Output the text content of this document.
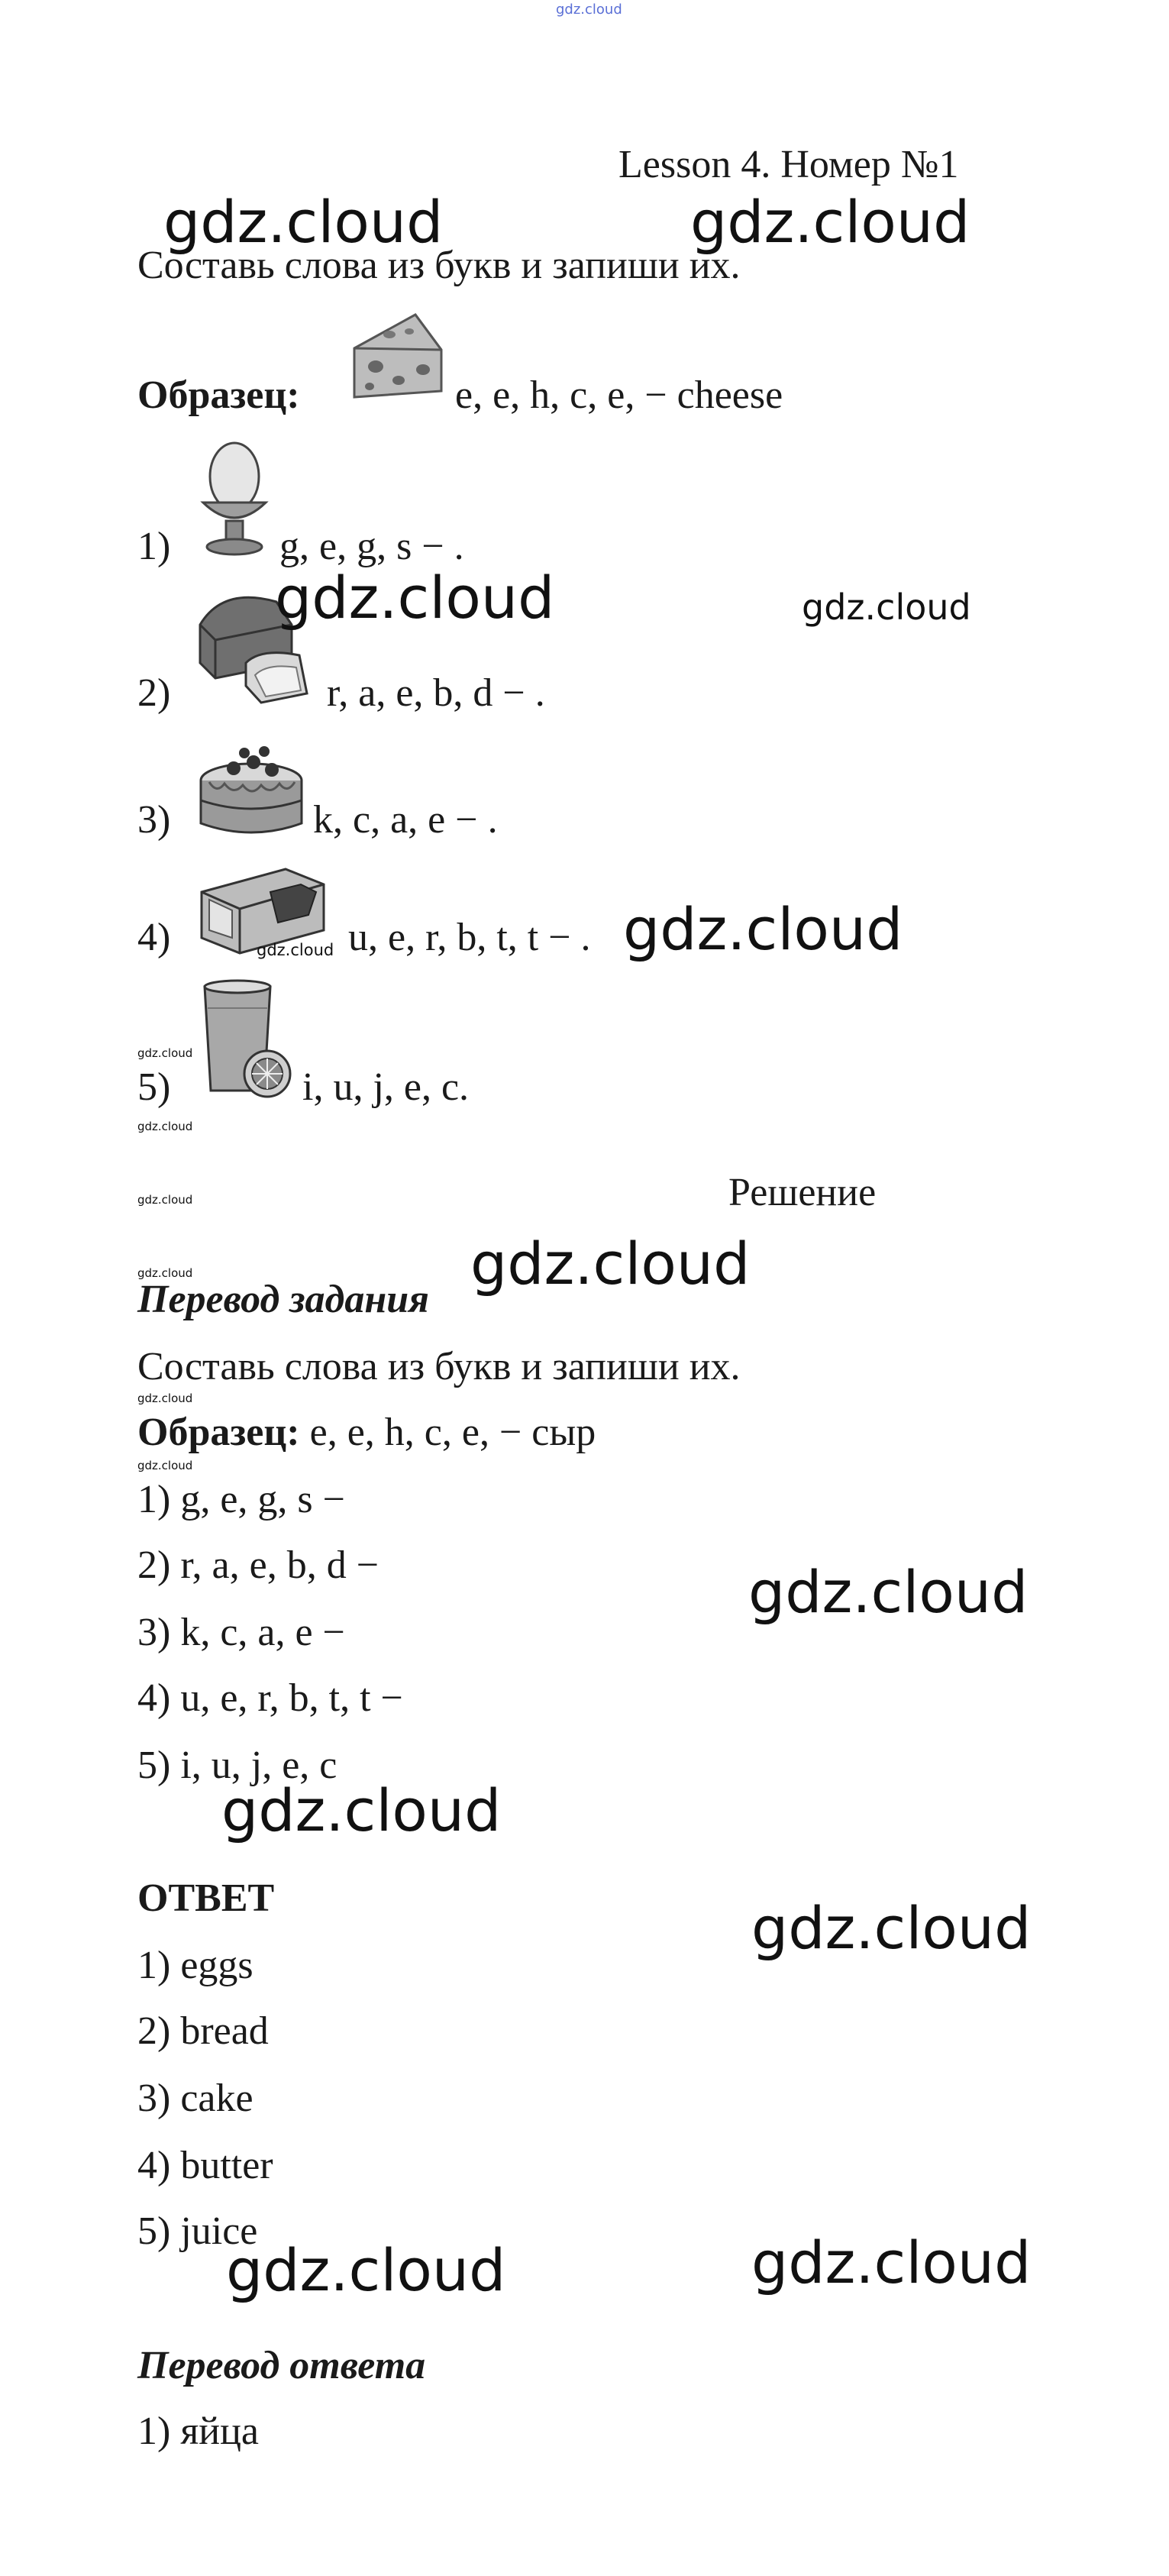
gdz.cloud
Lesson 4. Номер №1
Составь слова из букв и запиши их.
Образец:	e, e, h, c, e, − cheese
1)	g, e, g, s − .
2)	r, a, e, b, d − .
3)	k, c, a, e − .
4)	u, e, r, b, t, t − .
5)	i, u, j, e, c.
Решение
Перевод задания
Составь слова из букв и запиши их.
Образец: e, e, h, c, e, − сыр
1) g, e, g, s −
2) r, a, e, b, d −
3) k, c, a, e −
4) u, e, r, b, t, t −
5) i, u, j, e, c
ОТВЕТ
1) eggs
2) bread
3) cake
4) butter
5) juice
Перевод ответа
1) яйца
gdz.cloud	gdz.cloud
gdz.cloud	gdz.cloud
gdz.cloud	gdz.cloud
gdz.cloud
gdz.cloud
gdz.cloud
gdz.cloud	gdz.cloud
gdz.cloud
gdz.cloud
gdz.cloud
gdz.cloud
gdz.cloud
gdz.cloud	gdz.cloud
